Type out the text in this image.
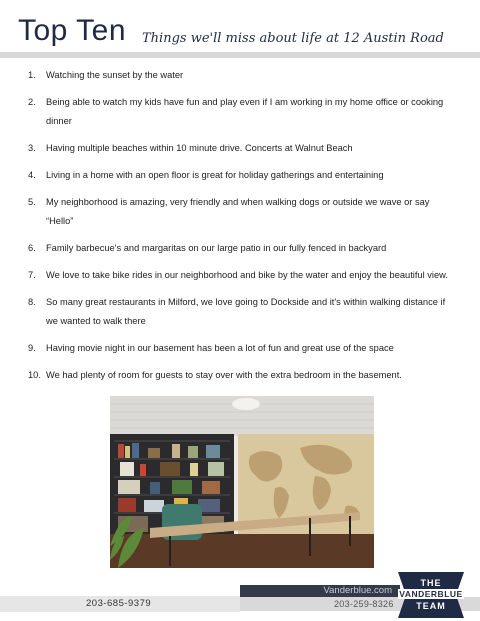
Top Ten Things we'll miss about life at 12 Austin Road
1.	Watching the sunset by the water
2.	Being able to watch my kids have fun and play even if I am working in my home office or cooking dinner
3.	Having multiple beaches within 10 minute drive. Concerts at Walnut Beach
4.	Living in a home with an open floor is great for holiday gatherings and entertaining
5.	My neighborhood is amazing, very friendly and when walking dogs or outside we wave or say “Hello”
6.	Family barbecue's and margaritas on our large patio in our fully fenced in backyard
7.	We love to take bike rides in our neighborhood and bike by the water and enjoy the beautiful view.
8.	So many great restaurants in Milford, we love going to Dockside and it's within walking distance if we wanted to walk there
9.	Having movie night in our basement has been a lot of fun and great use of the space
10. We had plenty of room for guests to stay over with the extra bedroom in the basement.
203-685-9379
Vanderblue.com
203-259-8326
THE
VANDERBLUE
TEAM
